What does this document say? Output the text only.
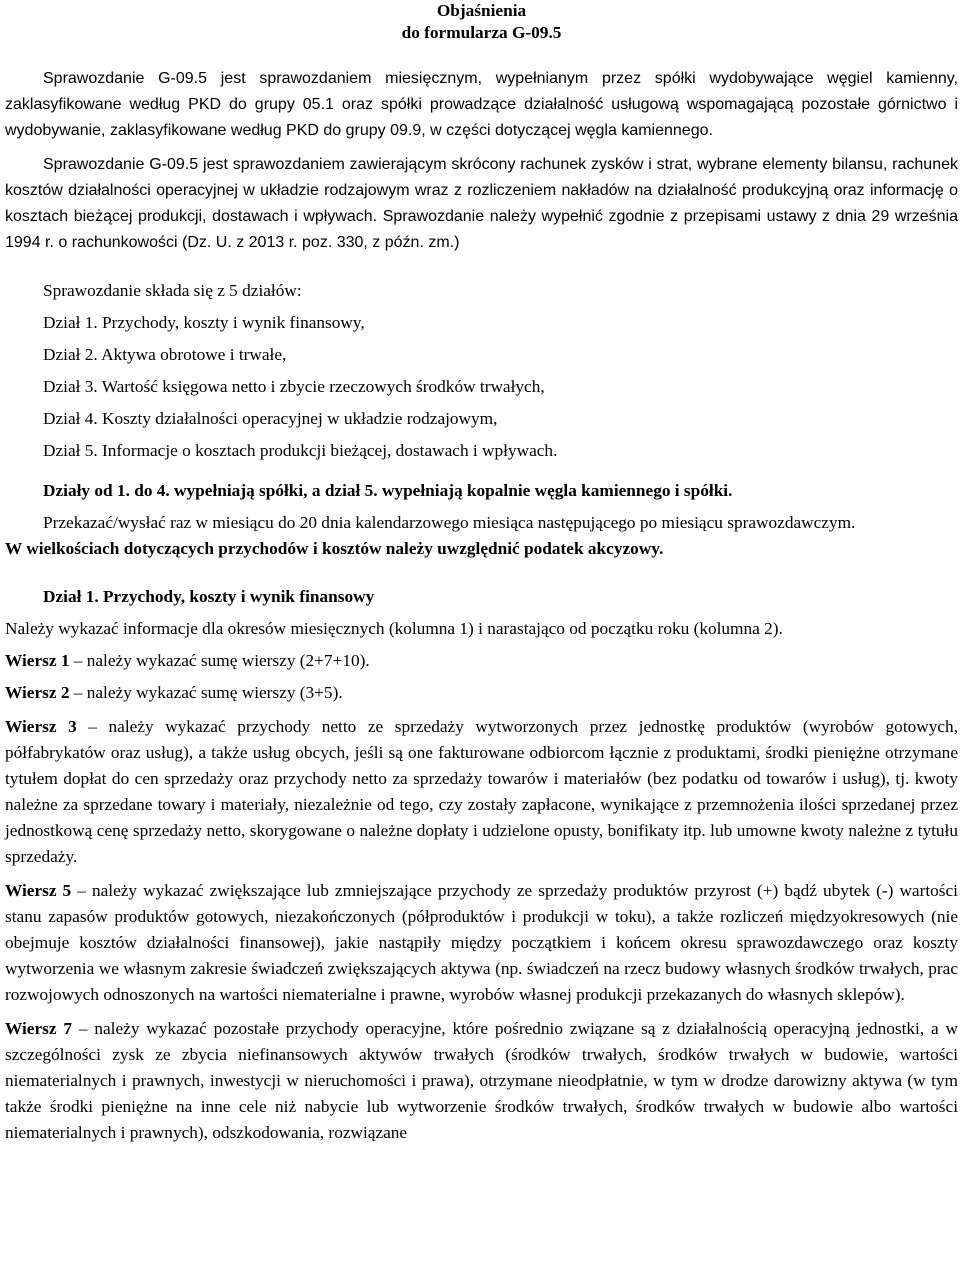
Objaśnienia
do formularza G-09.5

Sprawozdanie G-09.5 jest sprawozdaniem miesięcznym, wypełnianym przez spółki wydobywające węgiel kamienny, zaklasyfikowane według PKD do grupy 05.1 oraz spółki prowadzące działalność usługową wspomagającą pozostałe górnictwo i wydobywanie, zaklasyfikowane według PKD do grupy 09.9, w części dotyczącej węgla kamiennego.

Sprawozdanie G-09.5 jest sprawozdaniem zawierającym skrócony rachunek zysków i strat, wybrane elementy bilansu, rachunek kosztów działalności operacyjnej w układzie rodzajowym wraz z rozliczeniem nakładów na działalność produkcyjną oraz informację o kosztach bieżącej produkcji, dostawach i wpływach. Sprawozdanie należy wypełnić zgodnie z przepisami ustawy z dnia 29 września 1994 r. o rachunkowości (Dz. U. z 2013 r. poz. 330, z późn. zm.)

Sprawozdanie składa się z 5 działów:

Dział 1. Przychody, koszty i wynik finansowy,
Dział 2. Aktywa obrotowe i trwałe,
Dział 3. Wartość księgowa netto i zbycie rzeczowych środków trwałych,
Dział 4. Koszty działalności operacyjnej w układzie rodzajowym,
Dział 5. Informacje o kosztach produkcji bieżącej, dostawach i wpływach.

Działy od 1. do 4. wypełniają spółki, a dział 5. wypełniają kopalnie węgla kamiennego i spółki.

Przekazać/wysłać raz w miesiącu do 20 dnia kalendarzowego miesiąca następującego po miesiącu sprawozdawczym.

W wielkościach dotyczących przychodów i kosztów należy uwzględnić podatek akcyzowy.

Dział 1. Przychody, koszty i wynik finansowy

Należy wykazać informacje dla okresów miesięcznych (kolumna 1) i narastająco od początku roku (kolumna 2).

Wiersz 1 – należy wykazać sumę wierszy (2+7+10).

Wiersz 2 – należy wykazać sumę wierszy (3+5).

Wiersz 3 – należy wykazać przychody netto ze sprzedaży wytworzonych przez jednostkę produktów (wyrobów gotowych, półfabrykatów oraz usług), a także usług obcych, jeśli są one fakturowane odbiorcom łącznie z produktami, środki pieniężne otrzymane tytułem dopłat do cen sprzedaży oraz przychody netto za sprzedaży towarów i materiałów (bez podatku od towarów i usług), tj. kwoty należne za sprzedane towary i materiały, niezależnie od tego, czy zostały zapłacone, wynikające z przemnożenia ilości sprzedanej przez jednostkową cenę sprzedaży netto, skorygowane o należne dopłaty i udzielone opusty, bonifikaty itp. lub umowne kwoty należne z tytułu sprzedaży.

Wiersz 5 – należy wykazać zwiększające lub zmniejszające przychody ze sprzedaży produktów przyrost (+) bądź ubytek (-) wartości stanu zapasów produktów gotowych, niezakończonych (półproduktów i produkcji w toku), a także rozliczeń międzyokresowych (nie obejmuje kosztów działalności finansowej), jakie nastąpiły między początkiem i końcem okresu sprawozdawczego oraz koszty wytworzenia we własnym zakresie świadczeń zwiększających aktywa (np. świadczeń na rzecz budowy własnych środków trwałych, prac rozwojowych odnoszonych na wartości niematerialne i prawne, wyrobów własnej produkcji przekazanych do własnych sklepów).

Wiersz 7 – należy wykazać pozostałe przychody operacyjne, które pośrednio związane są z działalnością operacyjną jednostki, a w szczególności zysk ze zbycia niefinansowych aktywów trwałych (środków trwałych, środków trwałych w budowie, wartości niematerialnych i prawnych, inwestycji w nieruchomości i prawa), otrzymane nieodpłatnie, w tym w drodze darowizny aktywa (w tym także środki pieniężne na inne cele niż nabycie lub wytworzenie środków trwałych, środków trwałych w budowie albo wartości niematerialnych i prawnych), odszkodowania, rozwiązane
